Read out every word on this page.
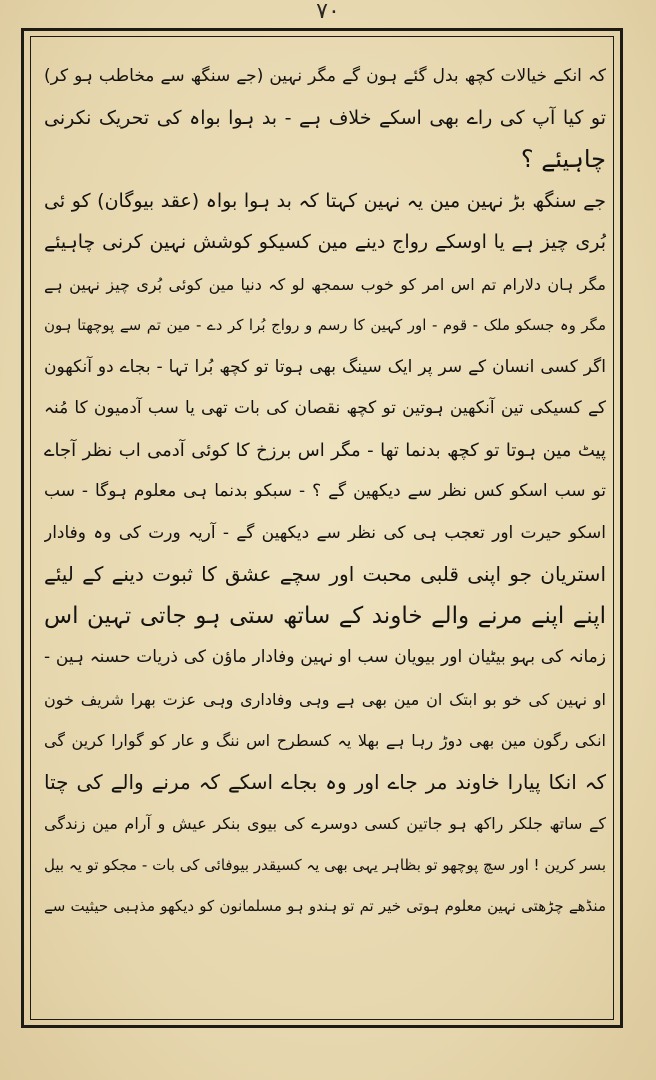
۷۰
کہ انکے خیالات کچھ بدل گئے ہون گے مگر نہین (جے سنگھ سے مخاطب ہو کر)
تو کیا آپ کی راے بھی اسکے خلاف ہے - بد ہوا بواہ کی تحریک نکرنی
چاہیئے ؟
جے سنگھ بڑ نہین مین یہ نہین کہتا کہ بد ہوا بواہ (عقد بیوگان) کو ئی
بُری چیز ہے یا اوسکے رواج دینے مین کسیکو کوشش نہین کرنی چاہیئے
مگر ہان دلارام تم اس امر کو خوب سمجھ لو کہ دنیا مین کوئی بُری چیز نہین ہے
مگر وہ جسکو ملک - قوم - اور کہین کا رسم و رواج بُرا کر دے - مین تم سے پوچھتا ہون
اگر کسی انسان کے سر پر ایک سینگ بھی ہوتا تو کچھ بُرا تہا - بجاے دو آنکھون
کے کسیکی تین آنکھین ہوتین تو کچھ نقصان کی بات تھی یا سب آدمیون کا مُنہ
پیٹ مین ہوتا تو کچھ بدنما تھا - مگر اس برزخ کا کوئی آدمی اب نظر آجاے
تو سب اسکو کس نظر سے دیکھین گے ؟ - سبکو بدنما ہی معلوم ہوگا - سب
اسکو حیرت اور تعجب ہی کی نظر سے دیکھین گے - آریہ ورت کی وہ وفادار
استریان جو اپنی قلبی محبت اور سچے عشق کا ثبوت دینے کے لیئے
اپنے اپنے مرنے والے خاوند کے ساتھ ستی ہو جاتی تہین اس
زمانہ کی بہو بیٹیان اور بیویان سب او نہین وفادار ماؤن کی ذریات حسنہ ہین -
او نہین کی خو بو ابتک ان مین بھی ہے وہی وفاداری وہی عزت بھرا شریف خون
انکی رگون مین بھی دوڑ رہا ہے بھلا یہ کسطرح اس ننگ و عار کو گوارا کرین گی
کہ انکا پیارا خاوند مر جاے اور وہ بجاے اسکے کہ مرنے والے کی چتا
کے ساتھ جلکر راکھ ہو جاتین کسی دوسرے کی بیوی بنکر عیش و آرام مین زندگی
بسر کرین ! اور سچ پوچھو تو بظاہر یہی بھی یہ کسیقدر بیوفائی کی بات - مجکو تو یہ بیل
منڈھے چڑھتی نہین معلوم ہوتی خیر تم تو ہندو ہو مسلمانون کو دیکھو مذہبی حیثیت سے
